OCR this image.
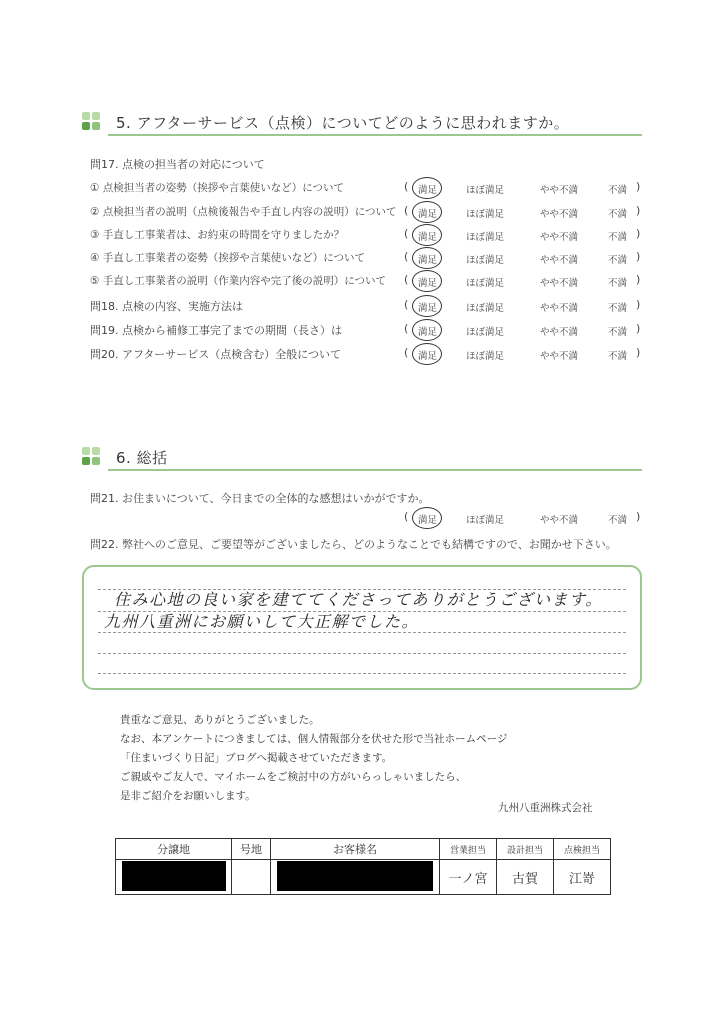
5. アフターサービス（点検）についてどのように思われますか。
問17. 点検の担当者の対応について
① 点検担当者の姿勢（挨拶や言葉使いなど）について	( 満足	ほぼ満足	やや不満	不満 )
② 点検担当者の説明（点検後報告や手直し内容の説明）について ( 満足	ほぼ満足	やや不満	不満 )
③ 手直し工事業者は、お約束の時間を守りましたか？	( 満足	ほぼ満足	やや不満	不満 )
④ 手直し工事業者の姿勢（挨拶や言葉使いなど）について	( 満足	ほぼ満足	やや不満	不満 )
⑤ 手直し工事業者の説明（作業内容や完了後の説明）について ( 満足	ほぼ満足	やや不満	不満 )
問18. 点検の内容、実施方法は	( 満足	ほぼ満足	やや不満	不満 )
問19. 点検から補修工事完了までの期間（長さ）は	( 満足	ほぼ満足	やや不満	不満 )
問20. アフターサービス（点検含む）全般について	( 満足	ほぼ満足	やや不満	不満 )
6. 総括
問21. お住まいについて、今日までの全体的な感想はいかがですか。
( 満足	ほぼ満足	やや不満	不満 )
問22. 弊社へのご意見、ご要望等がございましたら、どのようなことでも結構ですので、お聞かせ下さい。
住み心地の良い家を建ててくださってありがとうございます。
九州八重洲にお願いして大正解でした。
貴重なご意見、ありがとうございました。
なお、本アンケートにつきましては、個人情報部分を伏せた形で当社ホームページ
「住まいづくり日記」ブログへ掲載させていただきます。
ご親戚やご友人で、マイホームをご検討中の方がいらっしゃいましたら、
是非ご紹介をお願いします。
九州八重洲株式会社
分譲地	号地	お客様名	営業担当	設計担当	点検担当
			一ノ宮	古賀	江嵜
